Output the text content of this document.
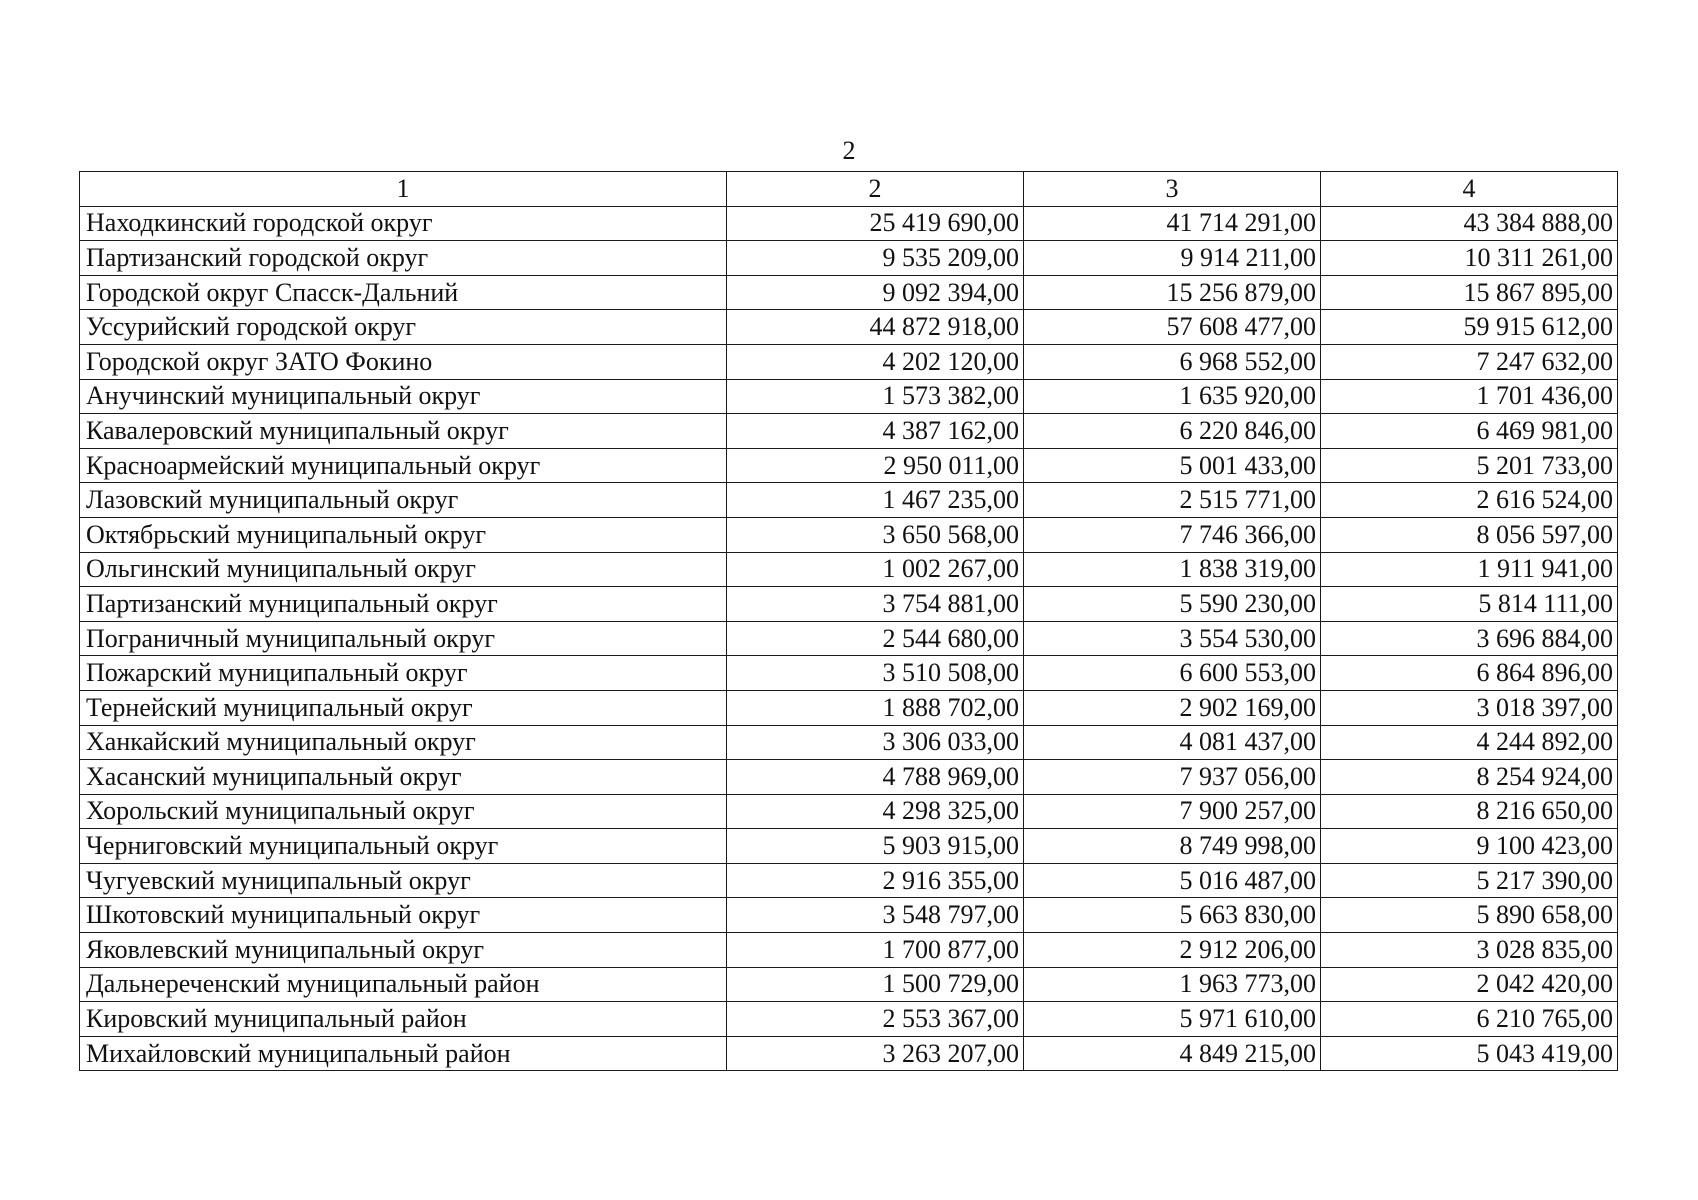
2
1	2	3	4
Находкинский городской округ	25 419 690,00	41 714 291,00	43 384 888,00
Партизанский городской округ	9 535 209,00	9 914 211,00	10 311 261,00
Городской округ Спасск-Дальний	9 092 394,00	15 256 879,00	15 867 895,00
Уссурийский городской округ	44 872 918,00	57 608 477,00	59 915 612,00
Городской округ ЗАТО Фокино	4 202 120,00	6 968 552,00	7 247 632,00
Анучинский муниципальный округ	1 573 382,00	1 635 920,00	1 701 436,00
Кавалеровский муниципальный округ	4 387 162,00	6 220 846,00	6 469 981,00
Красноармейский муниципальный округ	2 950 011,00	5 001 433,00	5 201 733,00
Лазовский муниципальный округ	1 467 235,00	2 515 771,00	2 616 524,00
Октябрьский муниципальный округ	3 650 568,00	7 746 366,00	8 056 597,00
Ольгинский муниципальный округ	1 002 267,00	1 838 319,00	1 911 941,00
Партизанский муниципальный округ	3 754 881,00	5 590 230,00	5 814 111,00
Пограничный муниципальный округ	2 544 680,00	3 554 530,00	3 696 884,00
Пожарский муниципальный округ	3 510 508,00	6 600 553,00	6 864 896,00
Тернейский муниципальный округ	1 888 702,00	2 902 169,00	3 018 397,00
Ханкайский муниципальный округ	3 306 033,00	4 081 437,00	4 244 892,00
Хасанский муниципальный округ	4 788 969,00	7 937 056,00	8 254 924,00
Хорольский муниципальный округ	4 298 325,00	7 900 257,00	8 216 650,00
Черниговский муниципальный округ	5 903 915,00	8 749 998,00	9 100 423,00
Чугуевский муниципальный округ	2 916 355,00	5 016 487,00	5 217 390,00
Шкотовский муниципальный округ	3 548 797,00	5 663 830,00	5 890 658,00
Яковлевский муниципальный округ	1 700 877,00	2 912 206,00	3 028 835,00
Дальнереченский муниципальный район	1 500 729,00	1 963 773,00	2 042 420,00
Кировский муниципальный район	2 553 367,00	5 971 610,00	6 210 765,00
Михайловский муниципальный район	3 263 207,00	4 849 215,00	5 043 419,00
